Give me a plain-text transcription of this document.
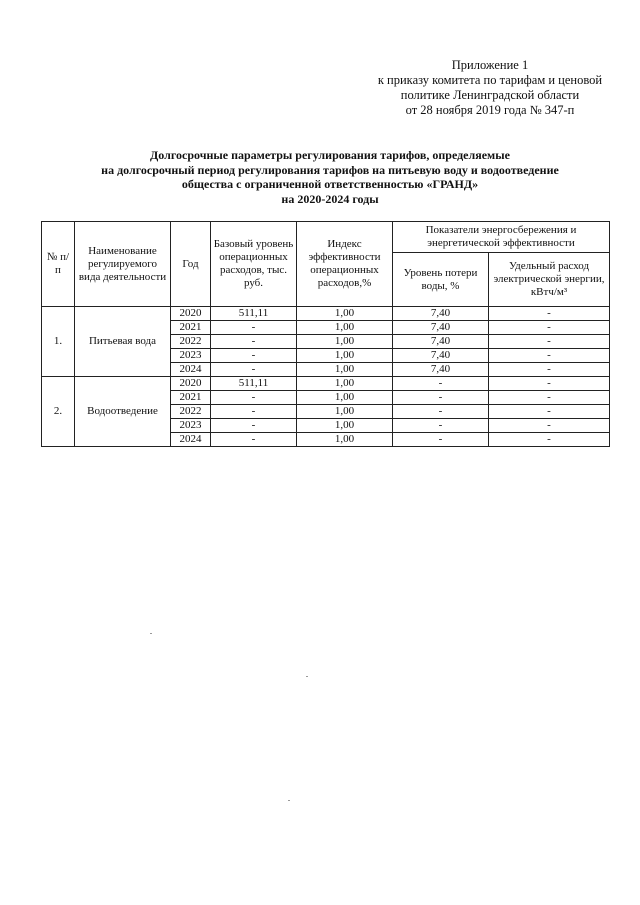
Приложение 1
к приказу комитета по тарифам и ценовой
политике Ленинградской области
от 28 ноября 2019 года № 347-п
Долгосрочные параметры регулирования тарифов, определяемые
на долгосрочный период регулирования тарифов на питьевую воду и водоотведение
общества с ограниченной ответственностью «ГРАНД»
на 2020-2024 годы
№ п/п	Наименование регулируемого вида деятельности	Год	Базовый уровень операционных расходов, тыс. руб.	Индекс эффективности операционных расходов,%	Показатели энергосбережения и энергетической эффективности	
					Уровень потери воды, %	Удельный расход электрической энергии, кВтч/м³
1.	Питьевая вода	2020	511,11	1,00	7,40	-
		2021	-	1,00	7,40	-
		2022	-	1,00	7,40	-
		2023	-	1,00	7,40	-
		2024	-	1,00	7,40	-
2.	Водоотведение	2020	511,11	1,00	-	-
		2021	-	1,00	-	-
		2022	-	1,00	-	-
		2023	-	1,00	-	-
		2024	-	1,00	-	-
